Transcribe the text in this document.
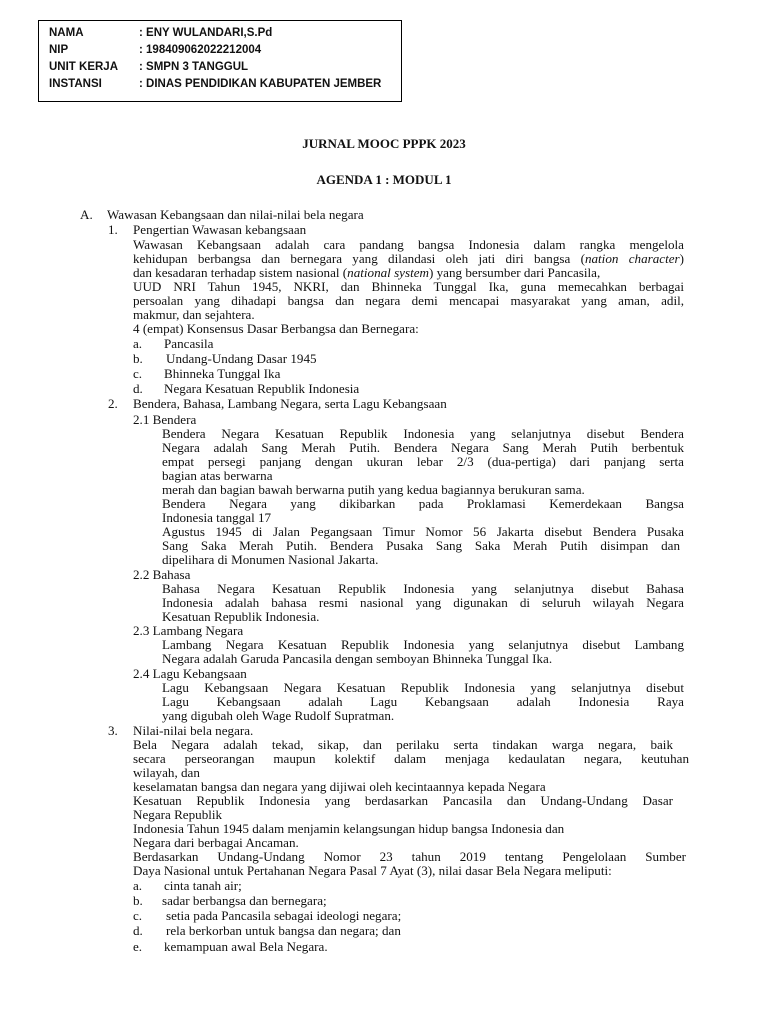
NAMA	: ENY WULANDARI,S.Pd
NIP	: 198409062022212004
UNIT KERJA : SMPN 3 TANGGUL
INSTANSI	: DINAS PENDIDIKAN KABUPATEN JEMBER
JURNAL MOOC PPPK 2023
AGENDA 1 : MODUL 1
A. Wawasan Kebangsaan dan nilai-nilai bela negara
1. Pengertian Wawasan kebangsaan
Wawasan Kebangsaan adalah cara pandang bangsa Indonesia dalam rangka mengelola
kehidupan berbangsa dan bernegara yang dilandasi oleh jati diri bangsa (nation character)
dan kesadaran terhadap sistem nasional (national system) yang bersumber dari Pancasila,
UUD NRI Tahun 1945, NKRI, dan Bhinneka Tunggal Ika, guna memecahkan berbagai
persoalan yang dihadapi bangsa dan negara demi mencapai masyarakat yang aman, adil,
makmur, dan sejahtera.
4 (empat) Konsensus Dasar Berbangsa dan Bernegara:
a. Pancasila
b. Undang-Undang Dasar 1945
c. Bhinneka Tunggal Ika
d. Negara Kesatuan Republik Indonesia
2. Bendera, Bahasa, Lambang Negara, serta Lagu Kebangsaan
2.1 Bendera
Bendera Negara Kesatuan Republik Indonesia yang selanjutnya disebut Bendera
Negara adalah Sang Merah Putih. Bendera Negara Sang Merah Putih berbentuk
empat persegi panjang dengan ukuran lebar 2/3 (dua-pertiga) dari panjang serta
bagian atas berwarna
merah dan bagian bawah berwarna putih yang kedua bagiannya berukuran sama.
Bendera Negara yang dikibarkan pada Proklamasi Kemerdekaan Bangsa
Indonesia tanggal 17
Agustus 1945 di Jalan Pegangsaan Timur Nomor 56 Jakarta disebut Bendera Pusaka
Sang Saka Merah Putih. Bendera Pusaka Sang Saka Merah Putih disimpan dan
dipelihara di Monumen Nasional Jakarta.
2.2 Bahasa
Bahasa Negara Kesatuan Republik Indonesia yang selanjutnya disebut Bahasa
Indonesia adalah bahasa resmi nasional yang digunakan di seluruh wilayah Negara
Kesatuan Republik Indonesia.
2.3 Lambang Negara
Lambang Negara Kesatuan Republik Indonesia yang selanjutnya disebut Lambang
Negara adalah Garuda Pancasila dengan semboyan Bhinneka Tunggal Ika.
2.4 Lagu Kebangsaan
Lagu Kebangsaan Negara Kesatuan Republik Indonesia yang selanjutnya disebut
Lagu Kebangsaan adalah Lagu Kebangsaan adalah Indonesia Raya
yang digubah oleh Wage Rudolf Supratman.
3. Nilai-nilai bela negara.
Bela Negara adalah tekad, sikap, dan perilaku serta tindakan warga negara, baik
secara perseorangan maupun kolektif dalam menjaga kedaulatan negara, keutuhan
wilayah, dan
keselamatan bangsa dan negara yang dijiwai oleh kecintaannya kepada Negara
Kesatuan Republik Indonesia yang berdasarkan Pancasila dan Undang-Undang Dasar
Negara Republik
Indonesia Tahun 1945 dalam menjamin kelangsungan hidup bangsa Indonesia dan
Negara dari berbagai Ancaman.
Berdasarkan Undang-Undang Nomor 23 tahun 2019 tentang Pengelolaan Sumber
Daya Nasional untuk Pertahanan Negara Pasal 7 Ayat (3), nilai dasar Bela Negara meliputi:
a. cinta tanah air;
b. sadar berbangsa dan bernegara;
c. setia pada Pancasila sebagai ideologi negara;
d. rela berkorban untuk bangsa dan negara; dan
e. kemampuan awal Bela Negara.
